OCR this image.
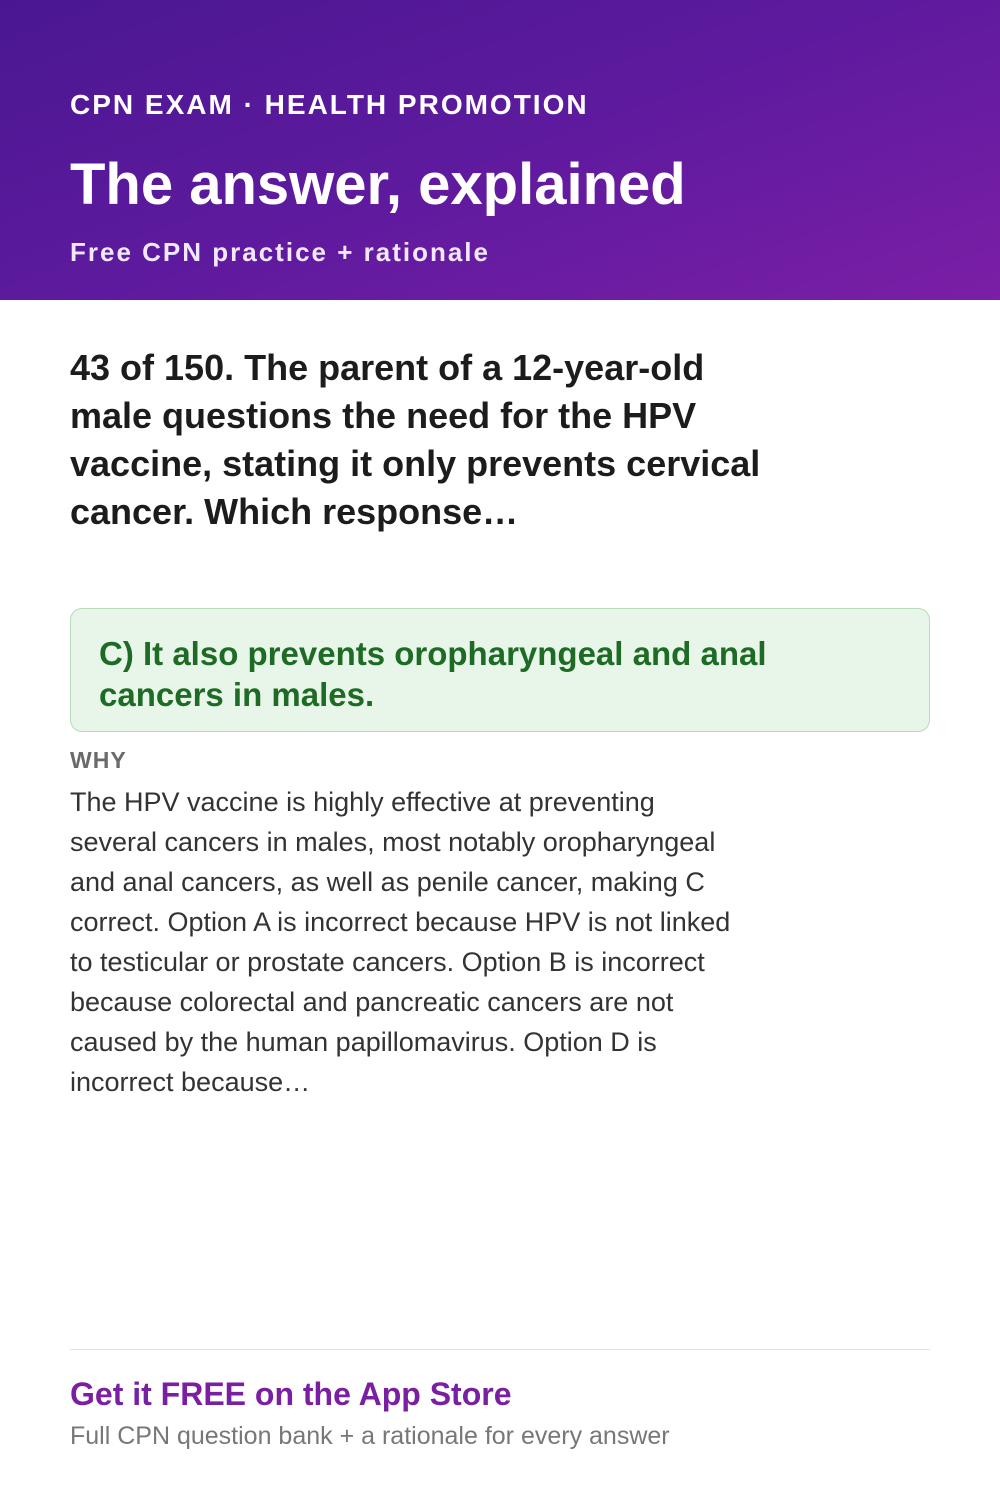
CPN EXAM · HEALTH PROMOTION
The answer, explained
Free CPN practice + rationale

43 of 150. The parent of a 12-year-old male questions the need for the HPV vaccine, stating it only prevents cervical cancer. Which response…

C) It also prevents oropharyngeal and anal cancers in males.
WHY
The HPV vaccine is highly effective at preventing several cancers in males, most notably oropharyngeal and anal cancers, as well as penile cancer, making C correct. Option A is incorrect because HPV is not linked to testicular or prostate cancers. Option B is incorrect because colorectal and pancreatic cancers are not caused by the human papillomavirus. Option D is incorrect because…
Get it FREE on the App Store
Full CPN question bank + a rationale for every answer
